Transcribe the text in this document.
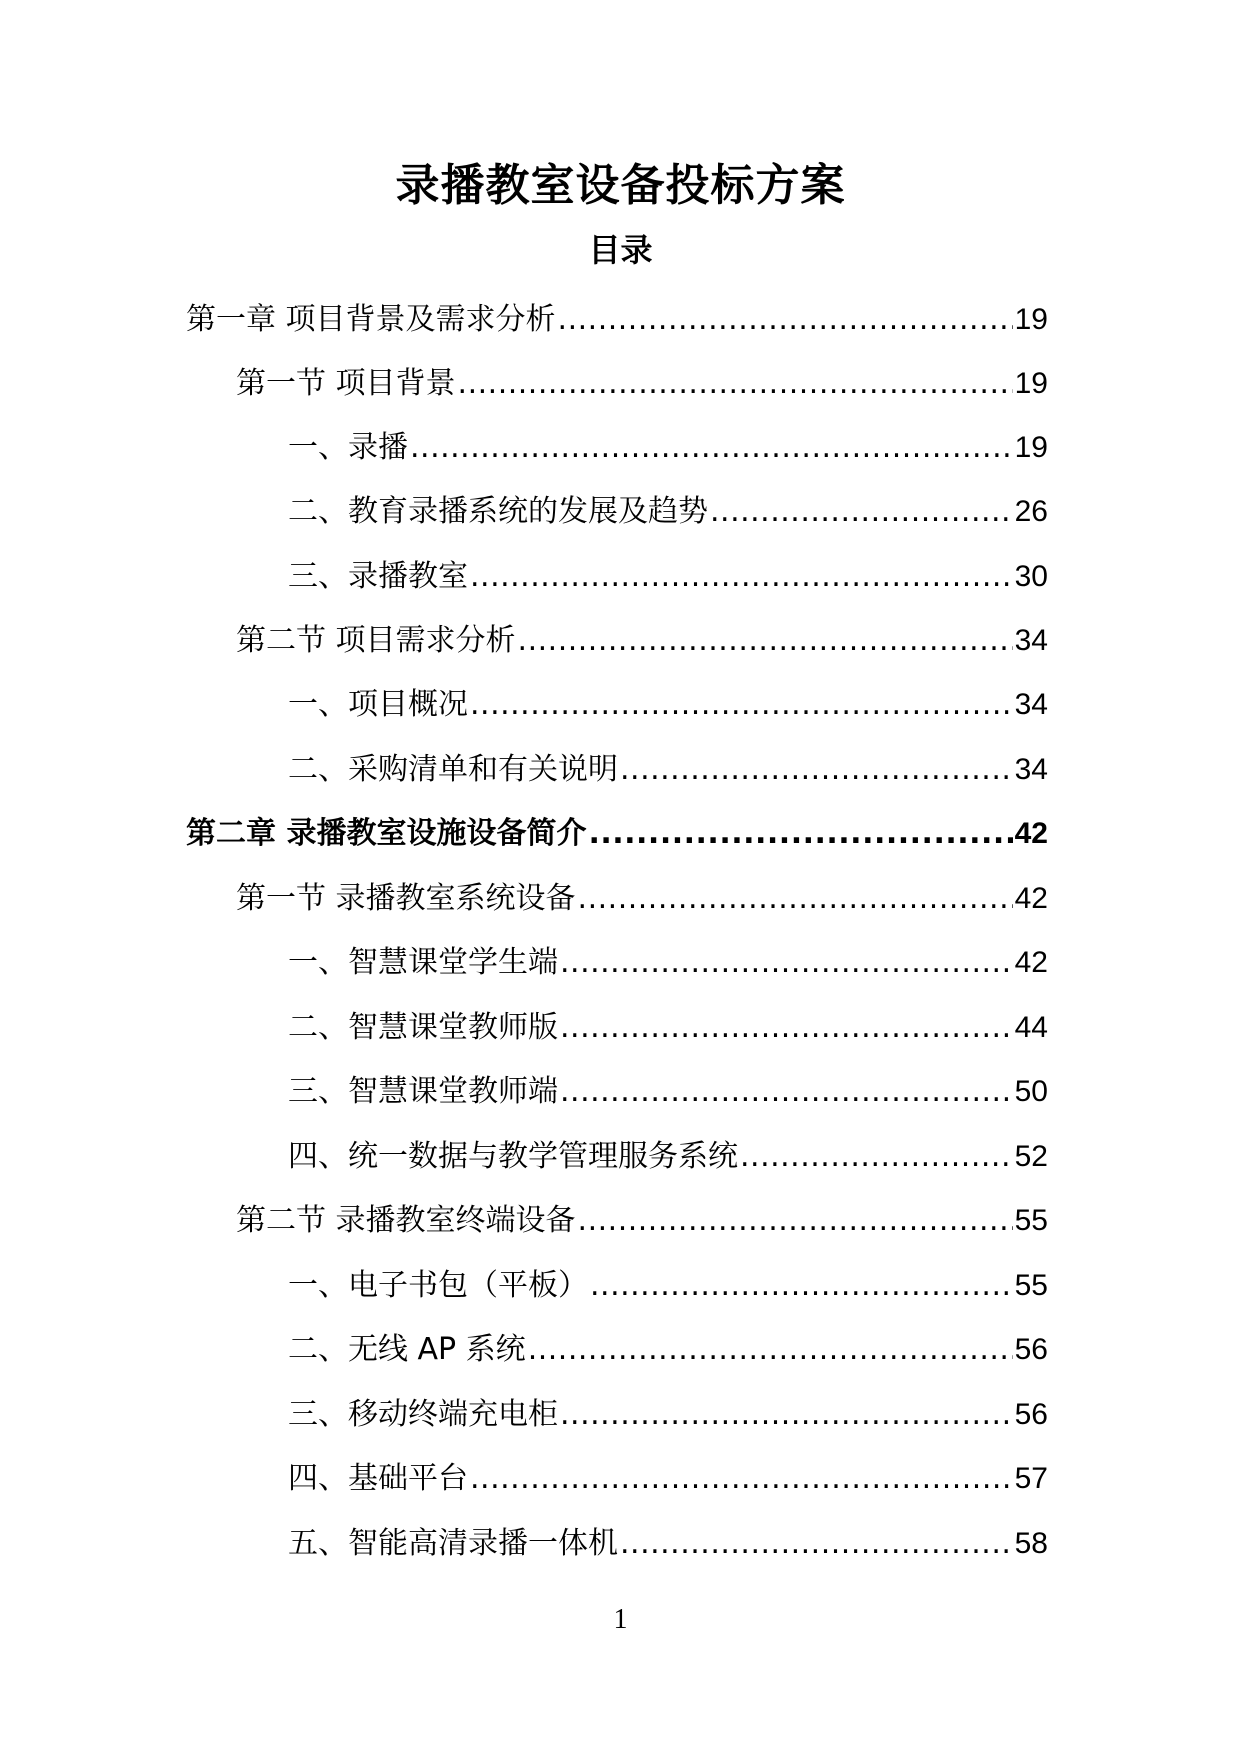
录播教室设备投标方案
目录
第一章 项目背景及需求分析 .....	19
第一节 项目背景 .....	19
一、录播 .....	19
二、教育录播系统的发展及趋势 .....	26
三、录播教室 .....	30
第二节 项目需求分析 .....	34
一、项目概况 .....	34
二、采购清单和有关说明 .....	34
第二章 录播教室设施设备简介 .....	42
第一节 录播教室系统设备 .....	42
一、智慧课堂学生端 .....	42
二、智慧课堂教师版 .....	44
三、智慧课堂教师端 .....	50
四、统一数据与教学管理服务系统 .....	52
第二节 录播教室终端设备 .....	55
一、电子书包（平板） .....	55
二、无线 AP 系统 .....	56
三、移动终端充电柜 .....	56
四、基础平台 .....	57
五、智能高清录播一体机 .....	58
1
